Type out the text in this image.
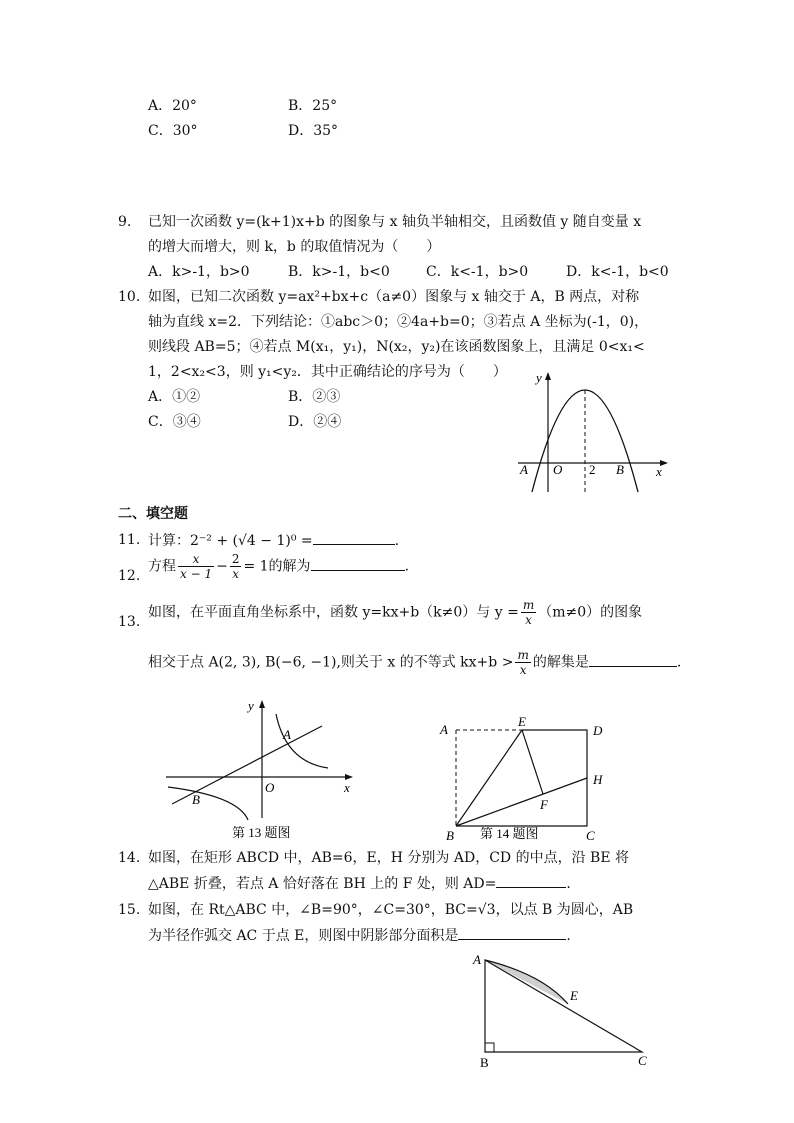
A．20°	B．25°
C．30°	D．35°
9. 已知一次函数 y=(k+1)x+b 的图象与 x 轴负半轴相交，且函数值 y 随自变量 x
的增大而增大，则 k，b 的取值情况为（　　）
A．k>-1，b>0	B．k>-1，b<0	C．k<-1，b>0	D．k<-1，b<0
10. 如图，已知二次函数 y=ax²+bx+c（a≠0）图象与 x 轴交于 A，B 两点，对称
轴为直线 x=2．下列结论：①abc＞0；②4a+b=0；③若点 A 坐标为(-1，0)，
则线段 AB=5；④若点 M(x₁，y₁)，N(x₂，y₂)在该函数图象上，且满足 0<x₁<
1，2<x₂<3，则 y₁<y₂．其中正确结论的序号为（　　）
A．①②	B．②③
C．③④	D．②④
y
x
A O 2 B
二、填空题
11. 计算：2⁻² + (√4 − 1)⁰ =	.
12.
方程 $\frac{x}{x - 1} - \frac{2}{x} = 1$的解为	.
13.
如图，在平面直角坐标系中，函数 y=kx+b（k≠0）与 $y = \frac{m}{x} (m\ne 0)$的图象
相交于点 A(2, 3), B(−6, −1),则关于 x 的不等式 $kx+b > \frac{m}{x}$ 的解集是	.
y
x
A
B
O
第 13 题图
A
E
D
H
F
B	C
第 14 题图
14. 如图，在矩形 ABCD 中，AB=6，E，H 分别为 AD，CD 的中点，沿 BE 将
△ABE 折叠，若点 A 恰好落在 BH 上的 F 处，则 AD=	.
15. 如图，在 Rt△ABC 中，∠B=90°，∠C=30°，BC=√3，以点 B 为圆心，AB
为半径作弧交 AC 于点 E，则图中阴影部分面积是	.
A
E
B	C
